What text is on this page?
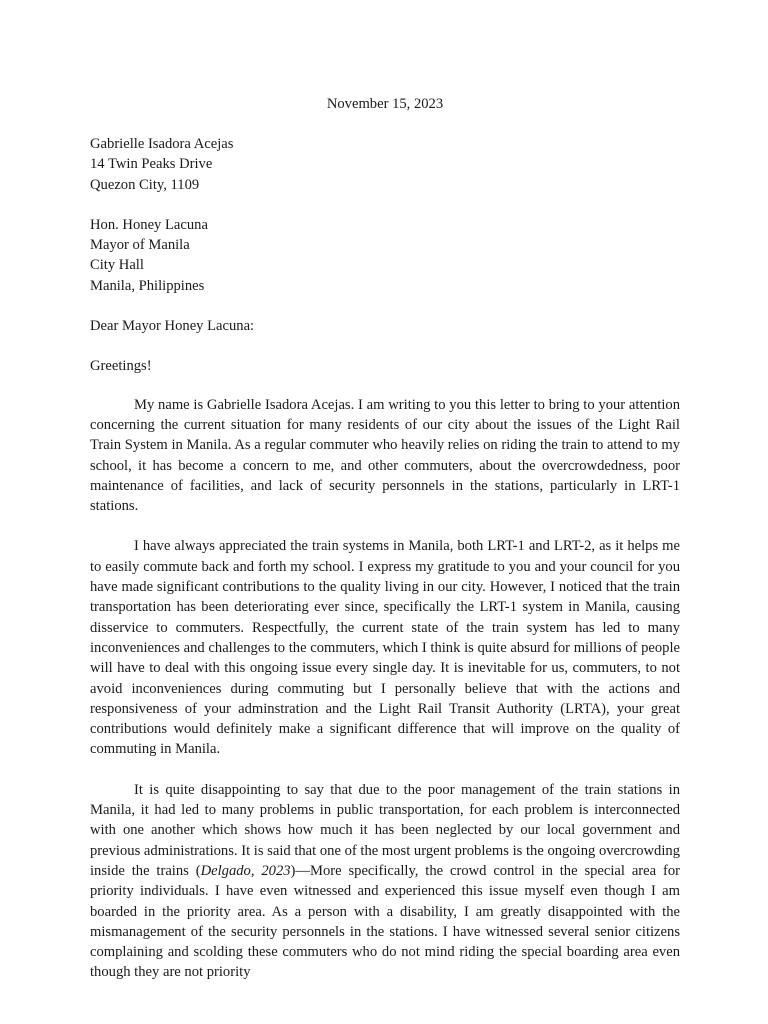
November 15, 2023
Gabrielle Isadora Acejas
14 Twin Peaks Drive
Quezon City, 1109
Hon. Honey Lacuna
Mayor of Manila
City Hall
Manila, Philippines
Dear Mayor Honey Lacuna:
Greetings!

My name is Gabrielle Isadora Acejas. I am writing to you this letter to bring to your attention concerning the current situation for many residents of our city about the issues of the Light Rail Train System in Manila. As a regular commuter who heavily relies on riding the train to attend to my school, it has become a concern to me, and other commuters, about the overcrowdedness, poor maintenance of facilities, and lack of security personnels in the stations, particularly in LRT-1 stations.

I have always appreciated the train systems in Manila, both LRT-1 and LRT-2, as it helps me to easily commute back and forth my school. I express my gratitude to you and your council for you have made significant contributions to the quality living in our city. However, I noticed that the train transportation has been deteriorating ever since, specifically the LRT-1 system in Manila, causing disservice to commuters. Respectfully, the current state of the train system has led to many inconveniences and challenges to the commuters, which I think is quite absurd for millions of people will have to deal with this ongoing issue every single day. It is inevitable for us, commuters, to not avoid inconveniences during commuting but I personally believe that with the actions and responsiveness of your adminstration and the Light Rail Transit Authority (LRTA), your great contributions would definitely make a significant difference that will improve on the quality of commuting in Manila.

It is quite disappointing to say that due to the poor management of the train stations in Manila, it had led to many problems in public transportation, for each problem is interconnected with one another which shows how much it has been neglected by our local government and previous administrations. It is said that one of the most urgent problems is the ongoing overcrowding inside the trains (Delgado, 2023)—More specifically, the crowd control in the special area for priority individuals. I have even witnessed and experienced this issue myself even though I am boarded in the priority area. As a person with a disability, I am greatly disappointed with the mismanagement of the security personnels in the stations. I have witnessed several senior citizens complaining and scolding these commuters who do not mind riding the special boarding area even though they are not priority
